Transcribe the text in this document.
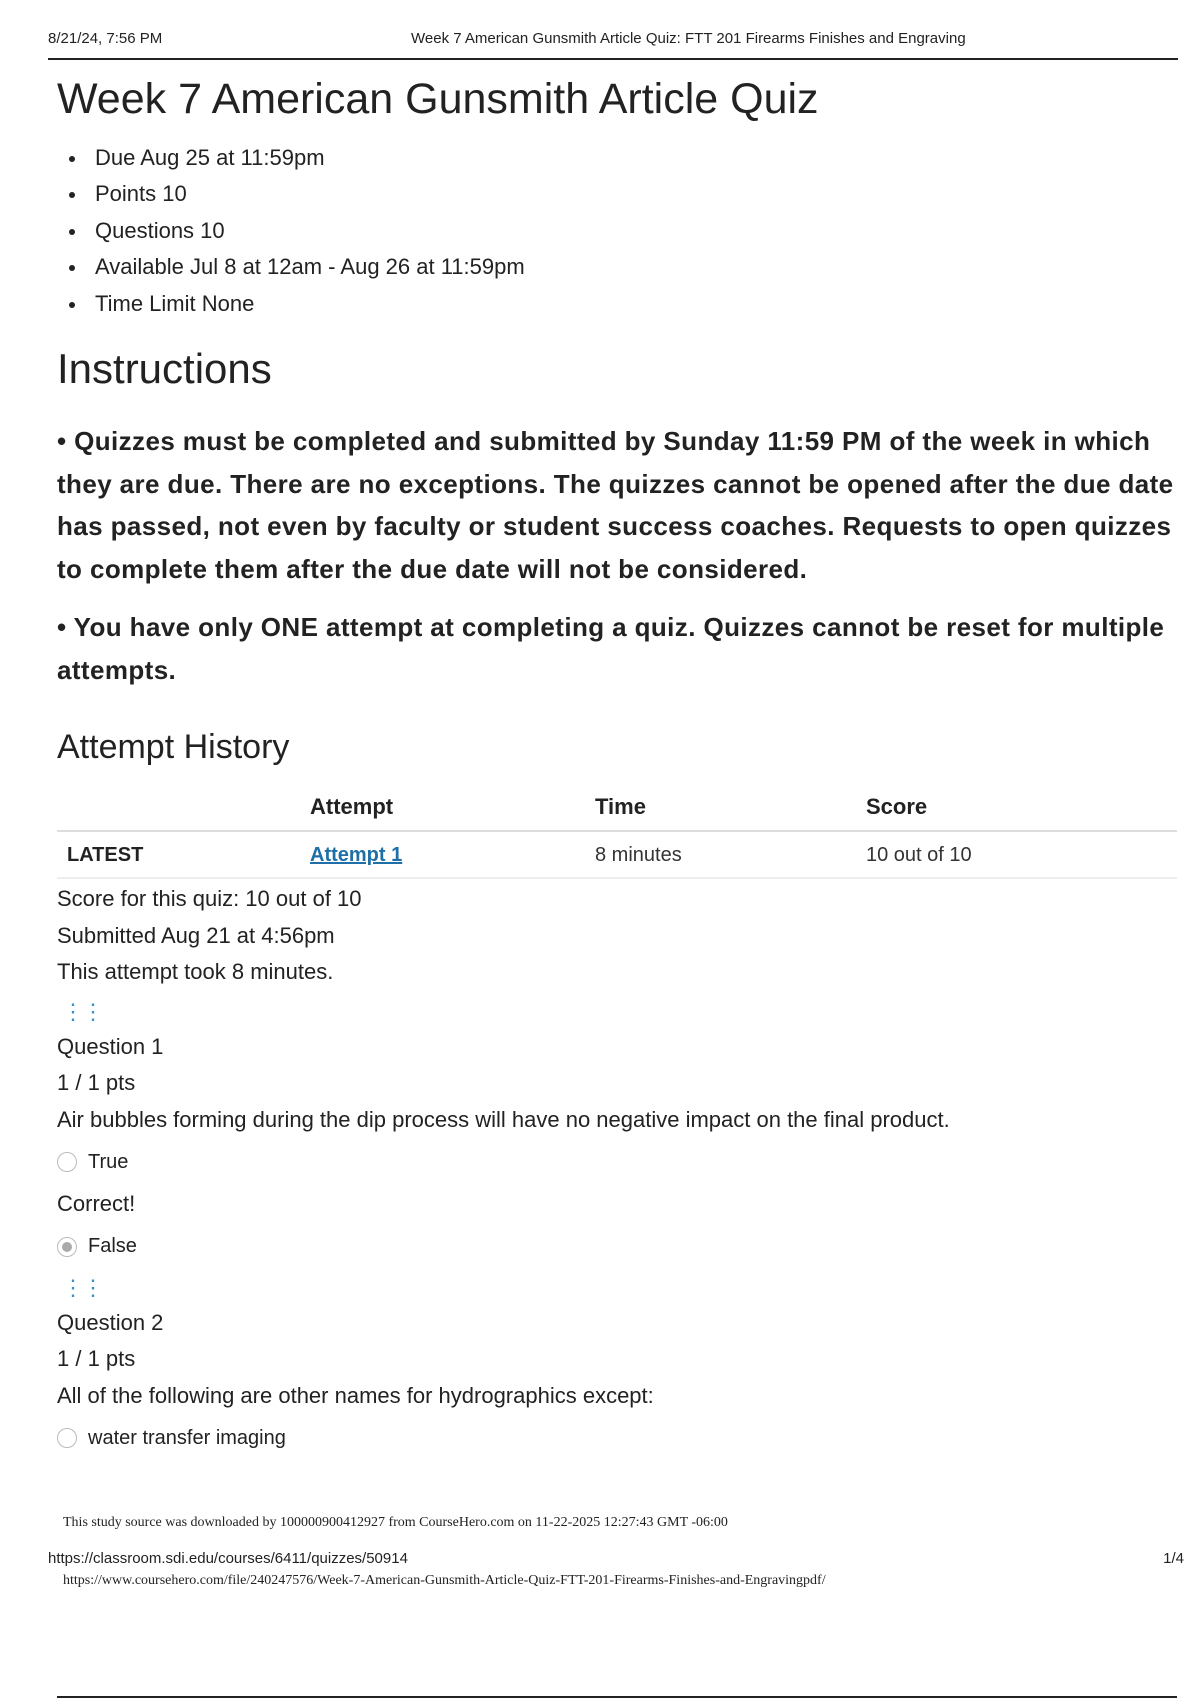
8/21/24, 7:56 PM	Week 7 American Gunsmith Article Quiz: FTT 201 Firearms Finishes and Engraving
Week 7 American Gunsmith Article Quiz
Due Aug 25 at 11:59pm
Points 10
Questions 10
Available Jul 8 at 12am - Aug 26 at 11:59pm
Time Limit None
Instructions

• Quizzes must be completed and submitted by Sunday 11:59 PM of the week in which they are due. There are no exceptions. The quizzes cannot be opened after the due date has passed, not even by faculty or student success coaches. Requests to open quizzes to complete them after the due date will not be considered.

• You have only ONE attempt at completing a quiz. Quizzes cannot be reset for multiple attempts.

Attempt History
	Attempt	Time	Score
LATEST	Attempt 1	8 minutes	10 out of 10

Score for this quiz: 10 out of 10

Submitted Aug 21 at 4:56pm

This attempt took 8 minutes.

⋮⋮
Question 1
1 / 1 pts
Air bubbles forming during the dip process will have no negative impact on the final product.
True
Correct!
False
⋮⋮
Question 2
1 / 1 pts
All of the following are other names for hydrographics except:
water transfer imaging
This study source was downloaded by 100000900412927 from CourseHero.com on 11-22-2025 12:27:43 GMT -06:00
https://classroom.sdi.edu/courses/6411/quizzes/50914	1/4
https://www.coursehero.com/file/240247576/Week-7-American-Gunsmith-Article-Quiz-FTT-201-Firearms-Finishes-and-Engravingpdf/
